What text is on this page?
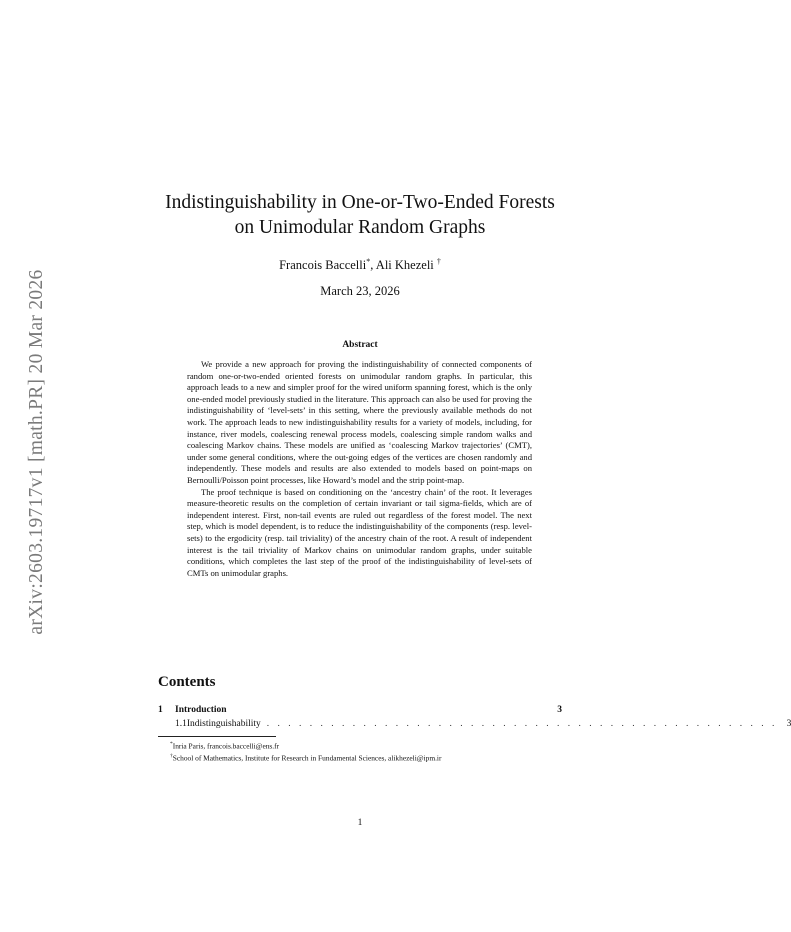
arXiv:2603.19717v1 [math.PR] 20 Mar 2026
Indistinguishability in One-or-Two-Ended Forests
on Unimodular Random Graphs
Francois Baccelli*, Ali Khezeli †
March 23, 2026
Abstract

We provide a new approach for proving the indistinguishability of connected components of random one-or-two-ended oriented forests on unimodular random graphs. In particular, this approach leads to a new and simpler proof for the wired uniform spanning forest, which is the only one-ended model previously studied in the literature. This approach can also be used for proving the indistinguishability of ‘level-sets’ in this setting, where the previously available methods do not work. The approach leads to new indistinguishability results for a variety of models, including, for instance, river models, coalescing renewal process models, coalescing simple random walks and coalescing Markov chains. These models are unified as ‘coalescing Markov trajectories’ (CMT), under some general conditions, where the out-going edges of the vertices are chosen randomly and independently. These models and results are also extended to models based on point-maps on Bernoulli/Poisson point processes, like Howard’s model and the strip point-map.

The proof technique is based on conditioning on the ‘ancestry chain’ of the root. It leverages measure-theoretic results on the completion of certain invariant or tail sigma-fields, which are of independent interest. First, non-tail events are ruled out regardless of the forest model. The next step, which is model dependent, is to reduce the indistinguishability of the components (resp. level-sets) to the ergodicity (resp. tail triviality) of the ancestry chain of the root. A result of independent interest is the tail triviality of Markov chains on unimodular random graphs, under suitable conditions, which completes the last step of the proof of the indistinguishability of level-sets of CMTs on unimodular graphs.

Contents
1	Introduction	3
1.1 Indistinguishability . . . . . . . . . . . . . . . . . . . . . . . . . . . . . . . . . . . . . . . . . . . . . . . . 3
*Inria Paris, francois.baccelli@ens.fr
†School of Mathematics, Institute for Research in Fundamental Sciences, alikhezeli@ipm.ir
1
